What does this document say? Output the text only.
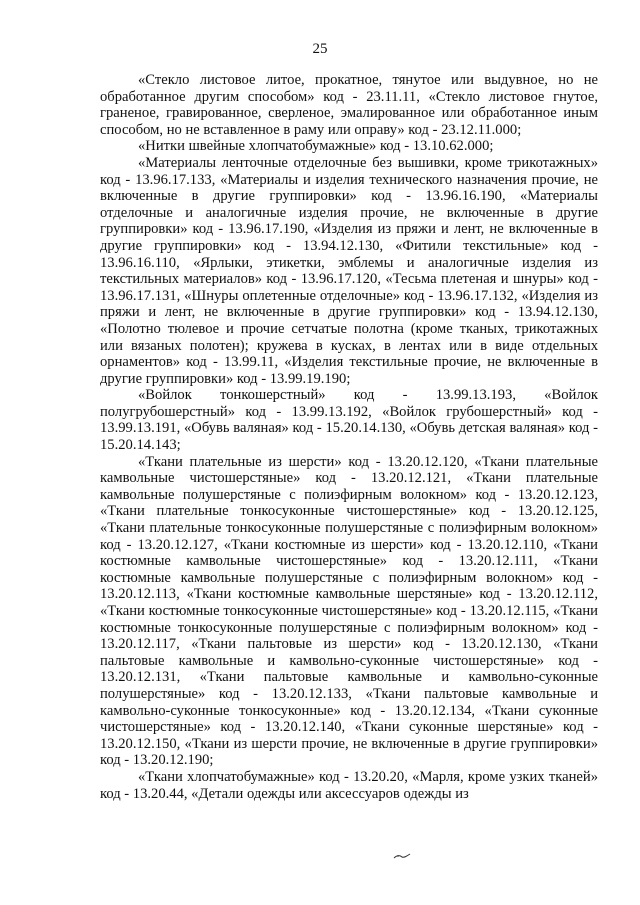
25

«Стекло листовое литое, прокатное, тянутое или выдувное, но не обработанное другим способом» код - 23.11.11, «Стекло листовое гнутое, граненое, гравированное, сверленое, эмалированное или обработанное иным способом, но не вставленное в раму или оправу» код - 23.12.11.000;

«Нитки швейные хлопчатобумажные» код - 13.10.62.000;

«Материалы ленточные отделочные без вышивки, кроме трикотажных» код - 13.96.17.133, «Материалы и изделия технического назначения прочие, не включенные в другие группировки» код - 13.96.16.190, «Материалы отделочные и аналогичные изделия прочие, не включенные в другие группировки» код - 13.96.17.190, «Изделия из пряжи и лент, не включенные в другие группировки» код - 13.94.12.130, «Фитили текстильные» код - 13.96.16.110, «Ярлыки, этикетки, эмблемы и аналогичные изделия из текстильных материалов» код - 13.96.17.120, «Тесьма плетеная и шнуры» код - 13.96.17.131, «Шнуры оплетенные отделочные» код - 13.96.17.132, «Изделия из пряжи и лент, не включенные в другие группировки» код - 13.94.12.130, «Полотно тюлевое и прочие сетчатые полотна (кроме тканых, трикотажных или вязаных полотен); кружева в кусках, в лентах или в виде отдельных орнаментов» код - 13.99.11, «Изделия текстильные прочие, не включенные в другие группировки» код - 13.99.19.190;

«Войлок тонкошерстный» код - 13.99.13.193, «Войлок полугрубошерстный» код - 13.99.13.192, «Войлок грубошерстный» код - 13.99.13.191, «Обувь валяная» код - 15.20.14.130, «Обувь детская валяная» код - 15.20.14.143;

«Ткани плательные из шерсти» код - 13.20.12.120, «Ткани плательные камвольные чистошерстяные» код - 13.20.12.121, «Ткани плательные камвольные полушерстяные с полиэфирным волокном» код - 13.20.12.123, «Ткани плательные тонкосуконные чистошерстяные» код - 13.20.12.125, «Ткани плательные тонкосуконные полушерстяные с полиэфирным волокном» код - 13.20.12.127, «Ткани костюмные из шерсти» код - 13.20.12.110, «Ткани костюмные камвольные чистошерстяные» код - 13.20.12.111, «Ткани костюмные камвольные полушерстяные с полиэфирным волокном» код - 13.20.12.113, «Ткани костюмные камвольные шерстяные» код - 13.20.12.112, «Ткани костюмные тонкосуконные чистошерстяные» код - 13.20.12.115, «Ткани костюмные тонкосуконные полушерстяные с полиэфирным волокном» код - 13.20.12.117, «Ткани пальтовые из шерсти» код - 13.20.12.130, «Ткани пальтовые камвольные и камвольно-суконные чистошерстяные» код - 13.20.12.131, «Ткани пальтовые камвольные и камвольно-суконные полушерстяные» код - 13.20.12.133, «Ткани пальтовые камвольные и камвольно-суконные тонкосуконные» код - 13.20.12.134, «Ткани суконные чистошерстяные» код - 13.20.12.140, «Ткани суконные шерстяные» код - 13.20.12.150, «Ткани из шерсти прочие, не включенные в другие группировки» код - 13.20.12.190;

«Ткани хлопчатобумажные» код - 13.20.20, «Марля, кроме узких тканей» код - 13.20.44, «Детали одежды или аксессуаров одежды из
